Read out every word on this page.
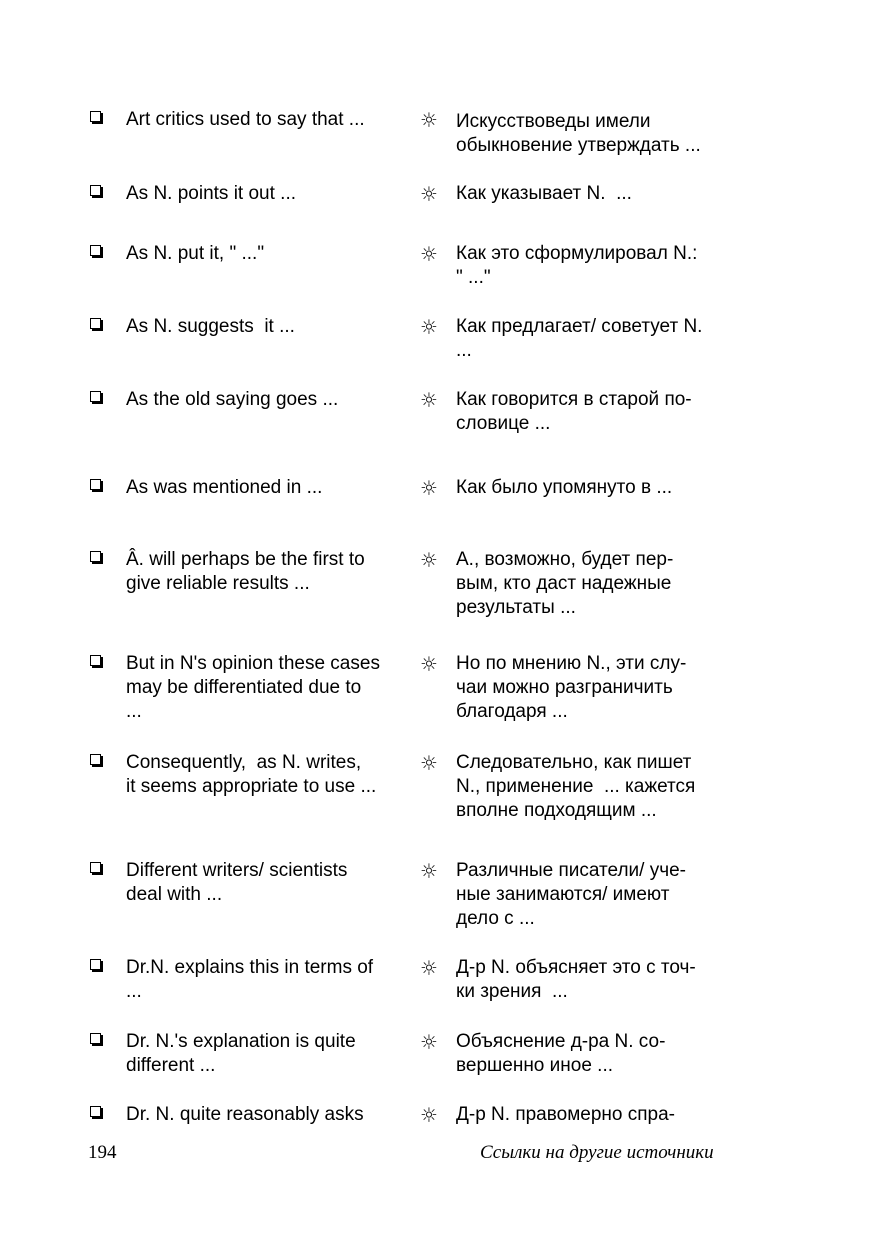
Art critics used to say that ...	☼ Искусствоведы имели
обыкновение утверждать ...
As N. points it out ...	☼ Как указывает N.  ...
As N. put it, " ..."	☼ Как это сформулировал N.:
" ..."
As N. suggests  it ...	☼ Как предлагает/ советует N.
...
As the old saying goes ...	☼ Как говорится в старой по-
словице ...
As was mentioned in ...	☼ Как было упомянуто в ...
Â. will perhaps be the first to
give reliable results ...
☼ А., возможно, будет пер-
вым, кто даст надежные
результаты ...
But in N's opinion these cases
may be differentiated due to
...
☼ Но по мнению N., эти слу-
чаи можно разграничить
благодаря ...
Consequently,  as N. writes,
it seems appropriate to use ...
☼ Следовательно, как пишет
N., применение  ... кажется
вполне подходящим ...
Different writers/ scientists
deal with ...
☼ Различные писатели/ уче-
ные занимаются/ имеют
дело с ...
Dr.N. explains this in terms of
...
☼ Д-р N. объясняет это с точ-
ки зрения  ...
Dr. N.'s explanation is quite
different ...
☼ Объяснение д-ра N. со-
вершенно иное ...
Dr. N. quite reasonably asks	☼ Д-р N. правомерно спра-
194	Ссылки на другие источники
